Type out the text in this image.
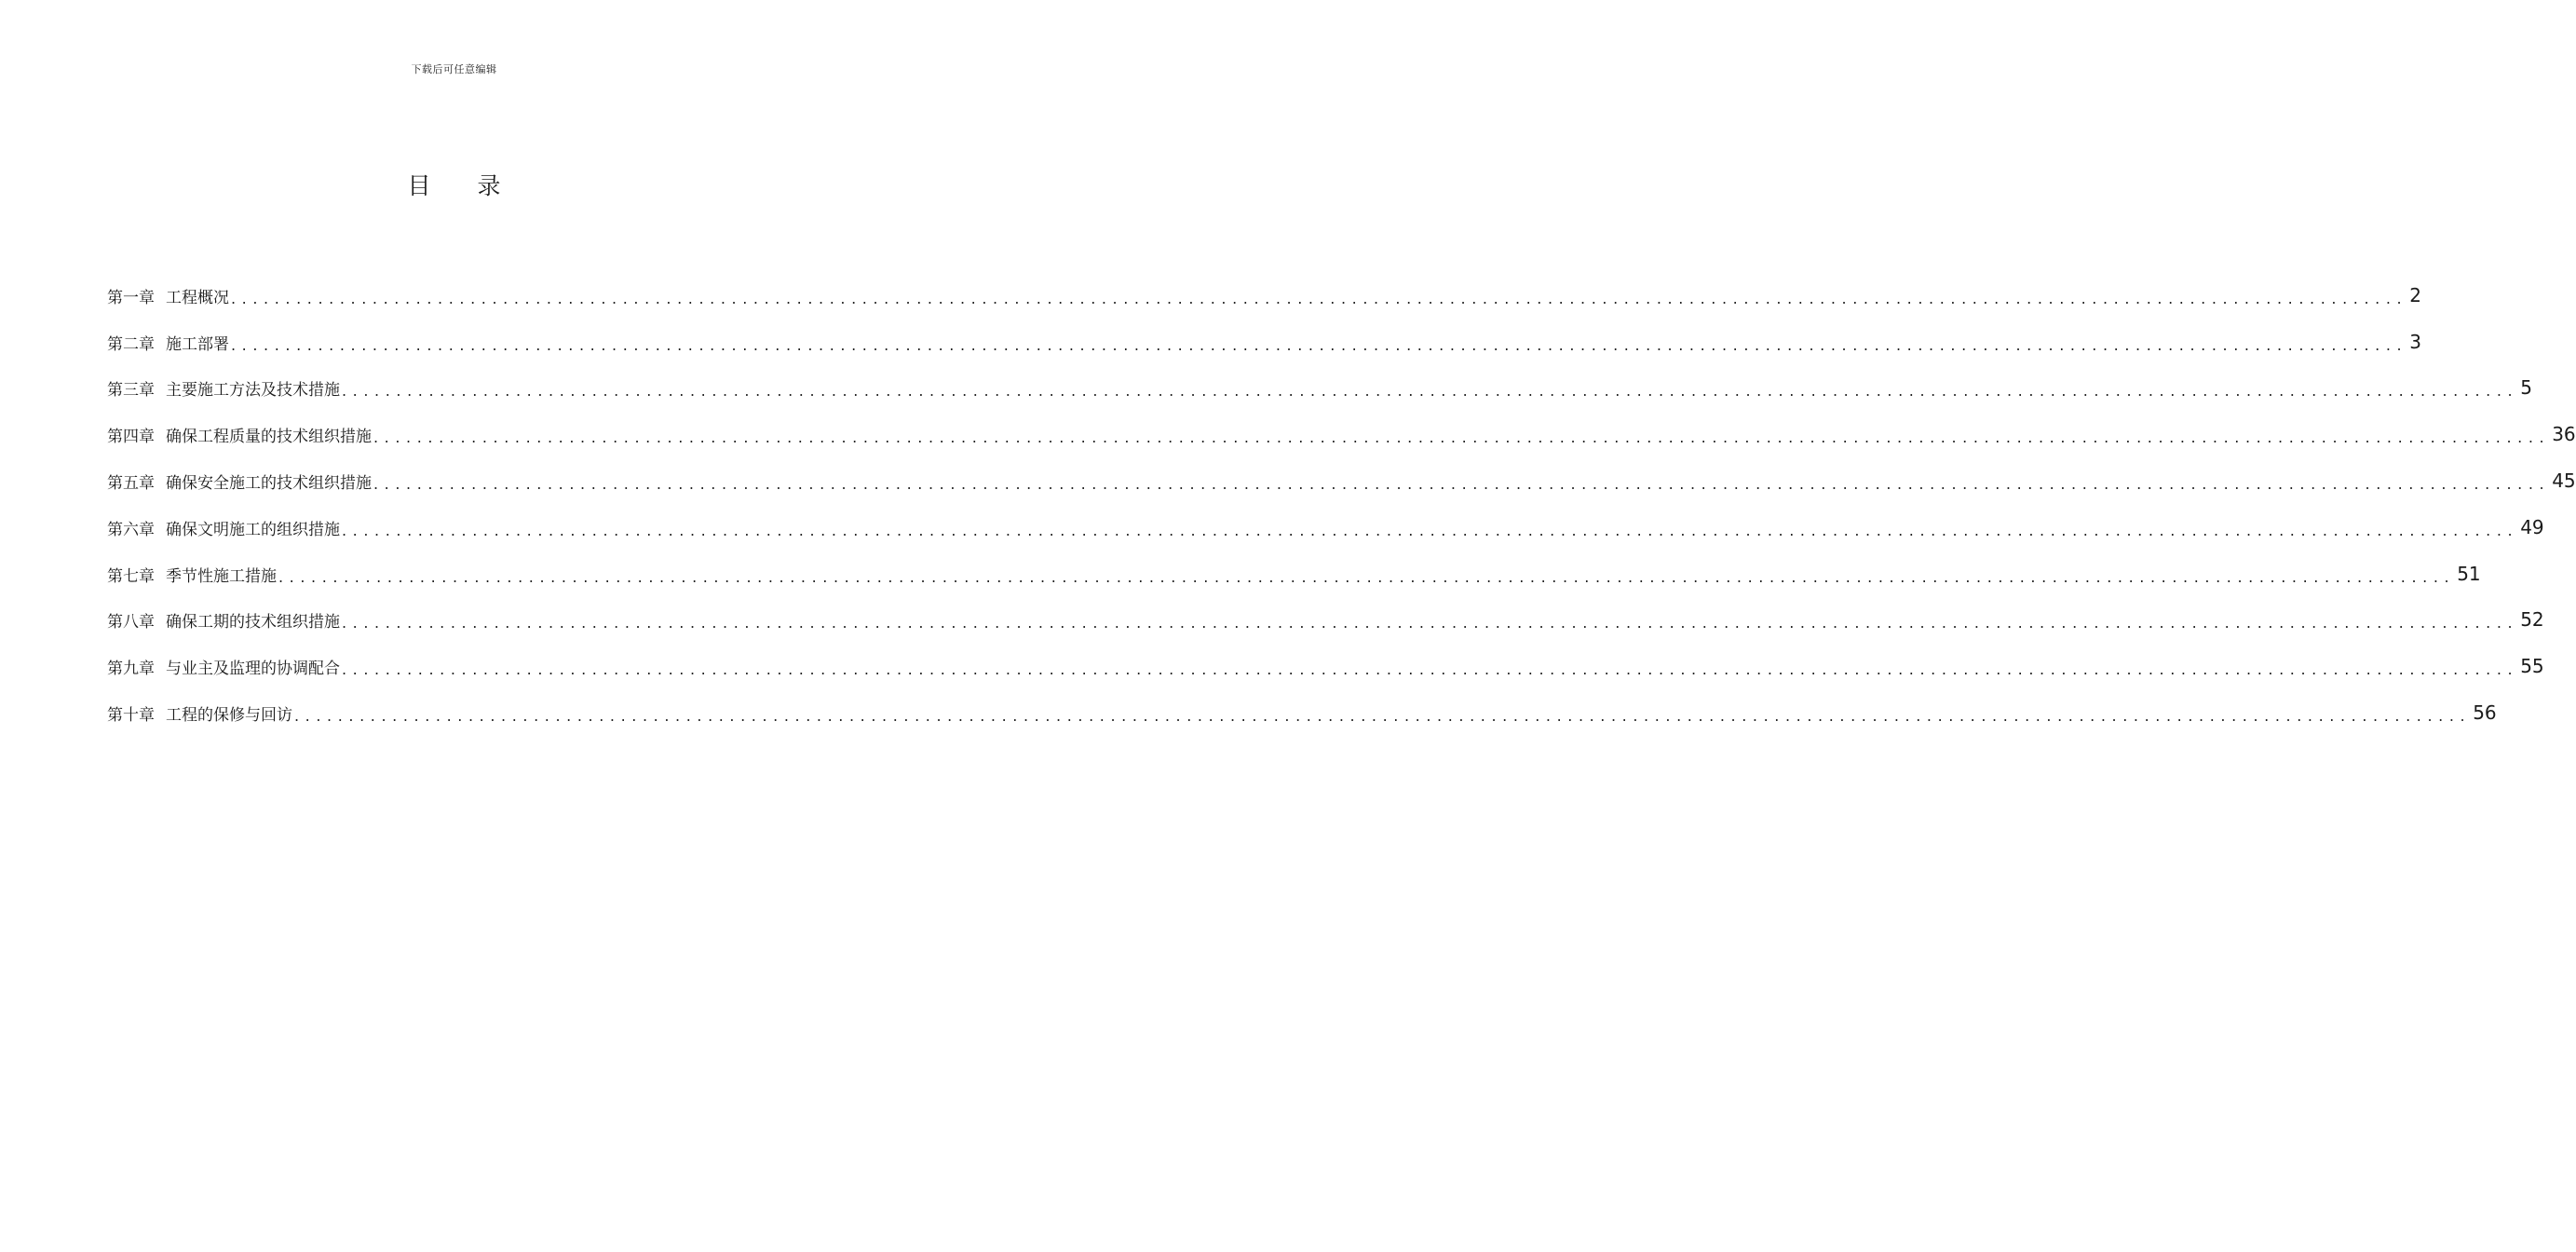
下载后可任意编辑
目 录
第一章 工程概况 ........................................................................................................................................................................................................ 2
第二章 施工部署 ........................................................................................................................................................................................................ 3
第三章 主要施工方法及技术措施 ........................................................................................................................................................................................................ 5
第四章 确保工程质量的技术组织措施 ........................................................................................................................................................................................................ 36
第五章 确保安全施工的技术组织措施 ........................................................................................................................................................................................................ 45
第六章 确保文明施工的组织措施 ........................................................................................................................................................................................................ 49
第七章 季节性施工措施 ........................................................................................................................................................................................................ 51
第八章 确保工期的技术组织措施 ........................................................................................................................................................................................................ 52
第九章 与业主及监理的协调配合 ........................................................................................................................................................................................................ 55
第十章 工程的保修与回访 ........................................................................................................................................................................................................ 56
